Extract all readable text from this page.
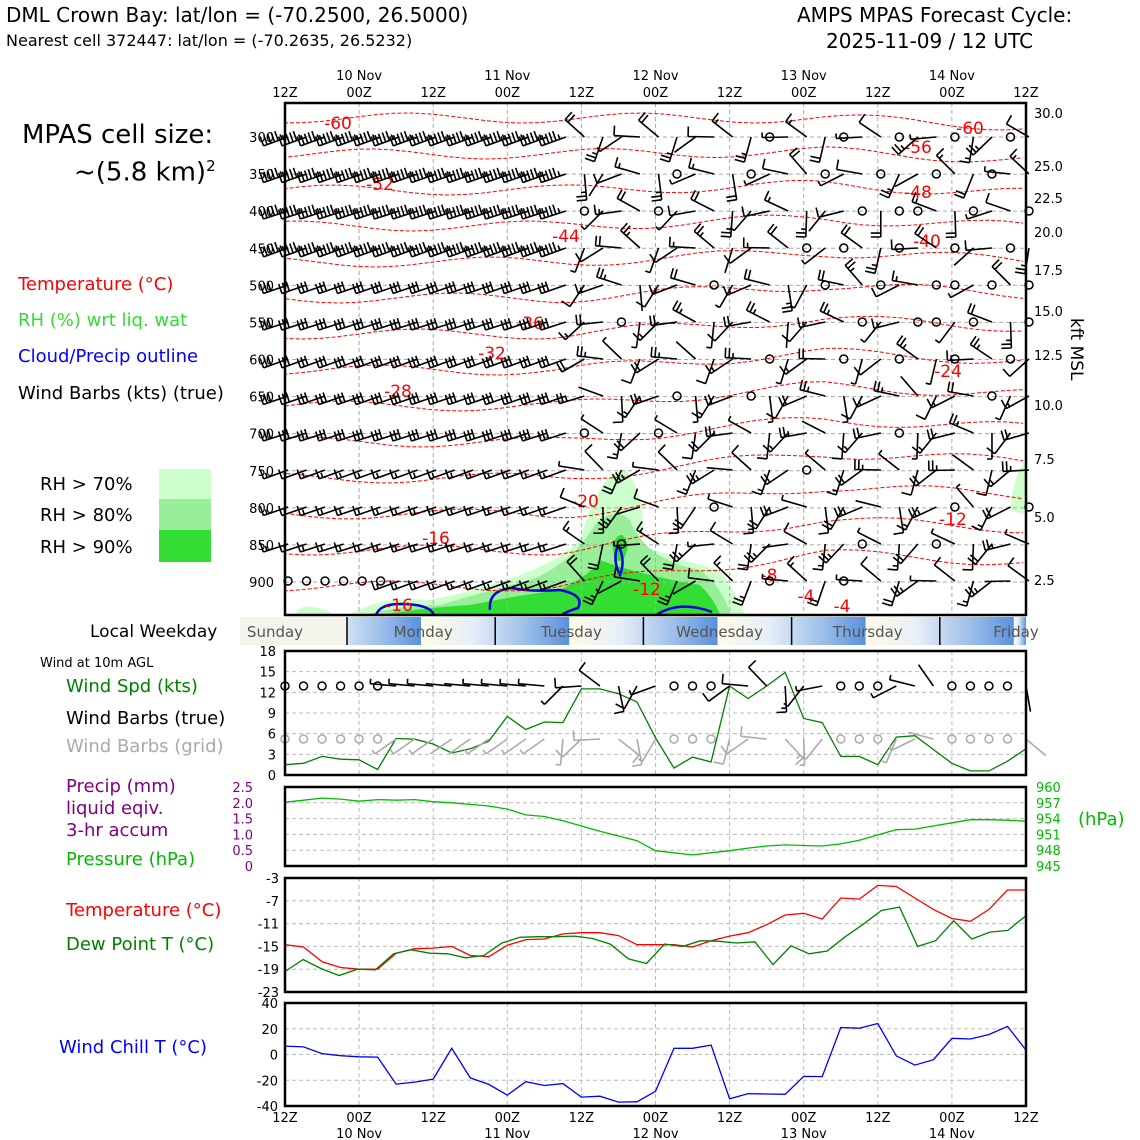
DML Crown Bay: lat/lon = (-70.2500, 26.5000)
Nearest cell 372447: lat/lon = (-70.2635, 26.5232)
AMPS MPAS Forecast Cycle:
2025-11-09 / 12 UTC
MPAS cell size:
~(5.8 km)$^2$
Temperature (°C)
RH (%) wrt liq. wat
Cloud/Precip outline
Wind Barbs (kts) (true)
RH > 70%
RH > 80%
RH > 90%
Local Weekday
Wind at 10m AGL
Wind Spd (kts)
Wind Barbs (true)
Wind Barbs (grid)
Precip (mm)
liquid eqiv.
3-hr accum
Pressure (hPa)
(hPa)
Temperature (°C)
Dew Point T (°C)
Wind Chill T (°C)
kft MSL
-60
-52
-44
-36
-32
-28
-20
-16
-16
-12
-8
-4 -4
-12
-24
-40
-48
-56
-60
12Z	00Z	12Z	00Z	12Z	00Z	12Z	00Z	12Z	00Z	12Z
10 Nov	11 Nov	12 Nov	13 Nov	14 Nov
300
350
400
450
500
550
600
650
700
750
800
850
900
30.0
25.0
22.5
20.0
17.5
15.0
12.5
10.0
7.5
5.0
2.5
Sunday	Monday	Tuesday	Wednesday	Thursday	Friday
18
15
12
9
6
3
0
2.5
2.0
1.5
1.0
0.5
0
960
957
954
951
948
945
-3
-7
-11
-15
-19
-23
40
20
0
-20
-40
12Z	00Z	12Z	00Z	12Z	00Z	12Z	00Z	12Z	00Z	12Z
10 Nov	11 Nov	12 Nov	13 Nov	14 Nov
